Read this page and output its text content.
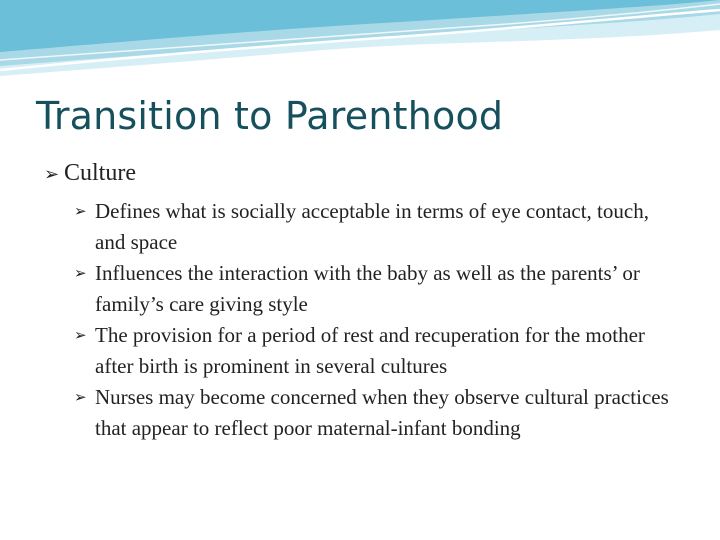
Transition to Parenthood
➢ Culture
➢ Defines what is socially acceptable in terms of eye contact, touch, and space
➢ Influences the interaction with the baby as well as the parents’ or family’s care giving style
➢ The provision for a period of rest and recuperation for the mother after birth is prominent in several cultures
➢ Nurses may become concerned when they observe cultural practices that appear to reflect poor maternal-infant bonding
